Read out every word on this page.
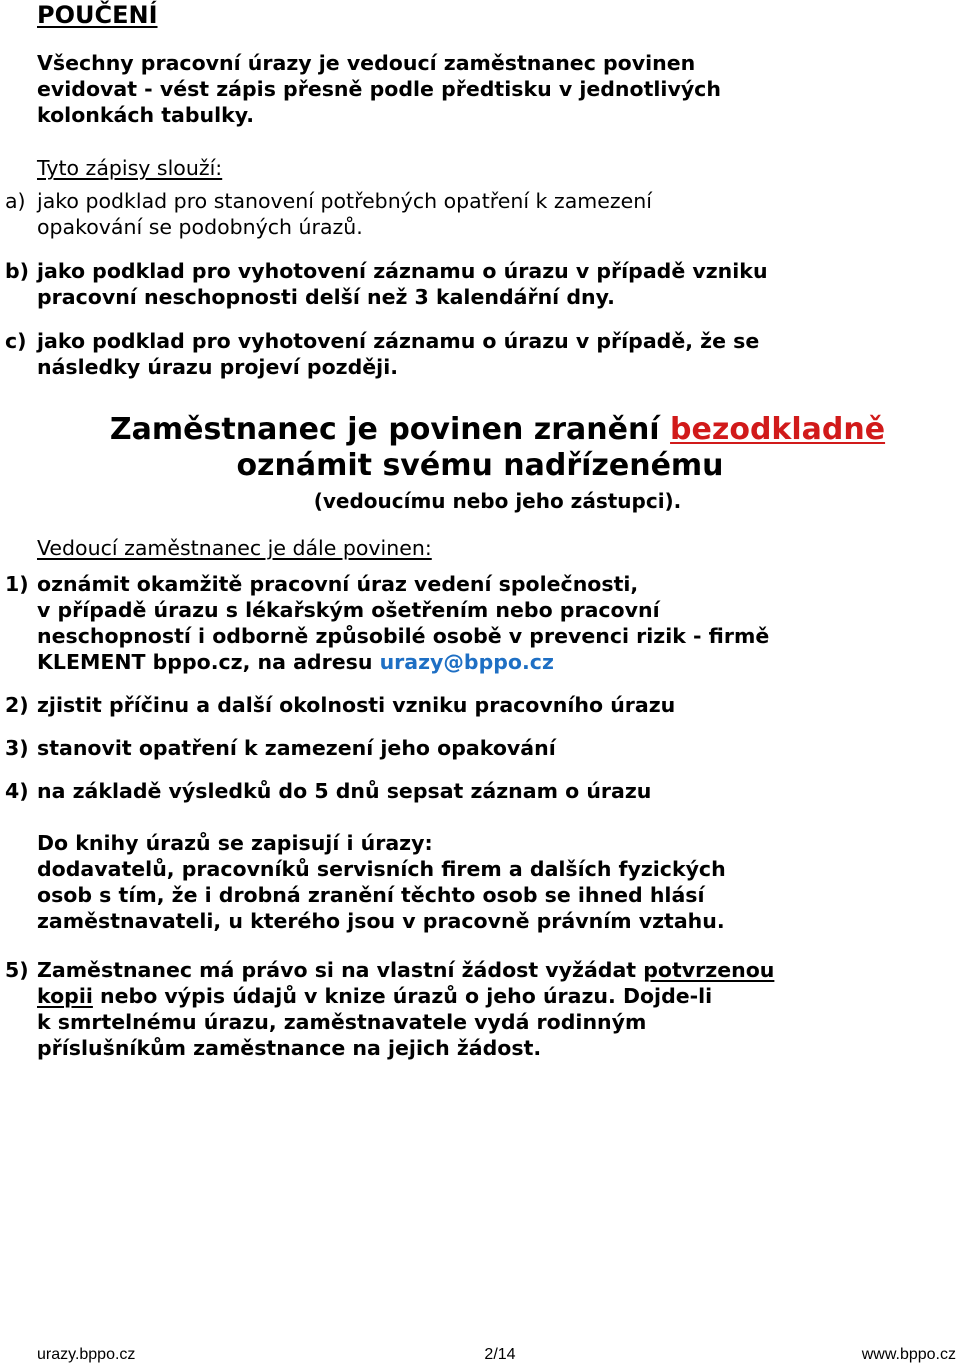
POUČENÍ
Všechny pracovní úrazy je vedoucí zaměstnanec povinen
evidovat - vést zápis přesně podle předtisku v jednotlivých
kolonkách tabulky.
Tyto zápisy slouží:
a) jako podklad pro stanovení potřebných opatření k zamezení
opakování se podobných úrazů.
b) jako podklad pro vyhotovení záznamu o úrazu v případě vzniku
pracovní neschopnosti delší než 3 kalendářní dny.
c) jako podklad pro vyhotovení záznamu o úrazu v případě, že se
následky úrazu projeví později.
Zaměstnanec je povinen zranění bezodkladně
oznámit svému nadřízenému
(vedoucímu nebo jeho zástupci).
Vedoucí zaměstnanec je dále povinen:
1) oznámit okamžitě pracovní úraz vedení společnosti,
v případě úrazu s lékařským ošetřením nebo pracovní
neschopností i odborně způsobilé osobě v prevenci rizik - firmě
KLEMENT bppo.cz, na adresu urazy@bppo.cz
2) zjistit příčinu a další okolnosti vzniku pracovního úrazu
3) stanovit opatření k zamezení jeho opakování
4) na základě výsledků do 5 dnů sepsat záznam o úrazu
Do knihy úrazů se zapisují i úrazy:
dodavatelů, pracovníků servisních firem a dalších fyzických
osob s tím, že i drobná zranění těchto osob se ihned hlásí
zaměstnavateli, u kterého jsou v pracovně právním vztahu.
5) Zaměstnanec má právo si na vlastní žádost vyžádat potvrzenou
kopii nebo výpis údajů v knize úrazů o jeho úrazu. Dojde-li
k smrtelnému úrazu, zaměstnavatele vydá rodinným
příslušníkům zaměstnance na jejich žádost.
urazy.bppo.cz	2/14	www.bppo.cz
